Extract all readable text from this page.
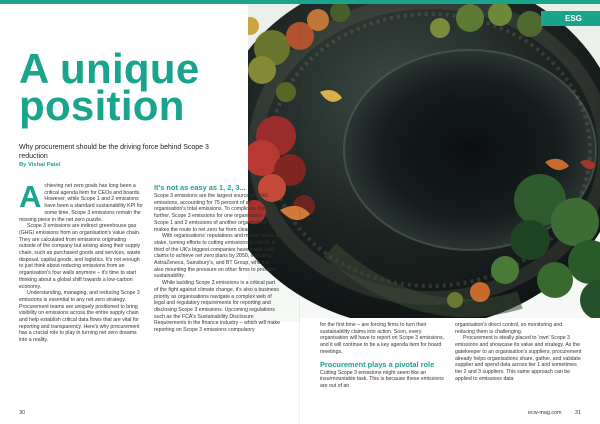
ESG
A unique
position
Why procurement should be the driving force behind Scope 3 reduction
By Vishal Patel

Achieving net zero goals has long been a critical agenda item for CEOs and boards. However, while Scope 1 and 2 emissions have been a standard sustainability KPI for some time, Scope 3 emissions remain the missing piece in the net zero puzzle.

Scope 3 emissions are indirect greenhouse gas (GHG) emissions from an organisation's value chain. They are calculated from emissions originating outside of the company but arising along their supply chain, such as purchased goods and services, waste disposal, capital goods, and logistics. It's not enough to just think about reducing emissions from an organisation's four walls anymore – it's time to start thinking about a global shift towards a low-carbon economy.

Understanding, managing, and reducing Scope 3 emissions is essential to any net zero strategy. Procurement teams are uniquely positioned to bring visibility on emissions across the entire supply chain and help establish critical data flows that are vital for reporting and transparency. Here's why procurement has a crucial role to play in turning net zero dreams into a reality.

It's not as easy as 1, 2, 3...

Scope 3 emissions are the largest source of GHG emissions, accounting for 75 percent of an organisation's total emissions. To complicate things further, Scope 3 emissions for one organisation are the Scope 1 and 2 emissions of another organisation. This makes the route to net zero far from clear.

With organisations' reputations and market value at stake, turning efforts to cutting emissions is critical. A third of the UK's biggest companies have made bold claims to achieve net zero plans by 2050, including AstraZeneca, Sainsbury's, and BT Group, which is also mounting the pressure on other firms to prioritize sustainability.

While tackling Scope 3 emissions is a critical part of the fight against climate change, it's also a business priority as organisations navigate a complex web of legal and regulatory requirements for reporting and disclosing Scope 3 emissions. Upcoming regulations such as the FCA's Sustainability Disclosure Requirements in the finance industry – which will make reporting on Scope 3 emissions compulsory

for the first time – are forcing firms to turn their sustainability claims into action. Soon, every organisation will have to report on Scope 3 emissions, and it will continue to be a key agenda item for board meetings.

Procurement plays a pivotal role

Cutting Scope 3 emissions might seem like an insurmountable task. This is because these emissions are out of an

organisation's direct control, so monitoring and reducing them is challenging.

Procurement is ideally placed to 'own' Scope 3 emissions and showcase its value and strategy. As the gatekeeper to an organisation's suppliers, procurement already helps organisations share, gather, and validate supplier and spend data across tier 1 and sometimes tier 2 and 3 suppliers. This same approach can be applied to emissions data

30	ecw-mag.com 31
